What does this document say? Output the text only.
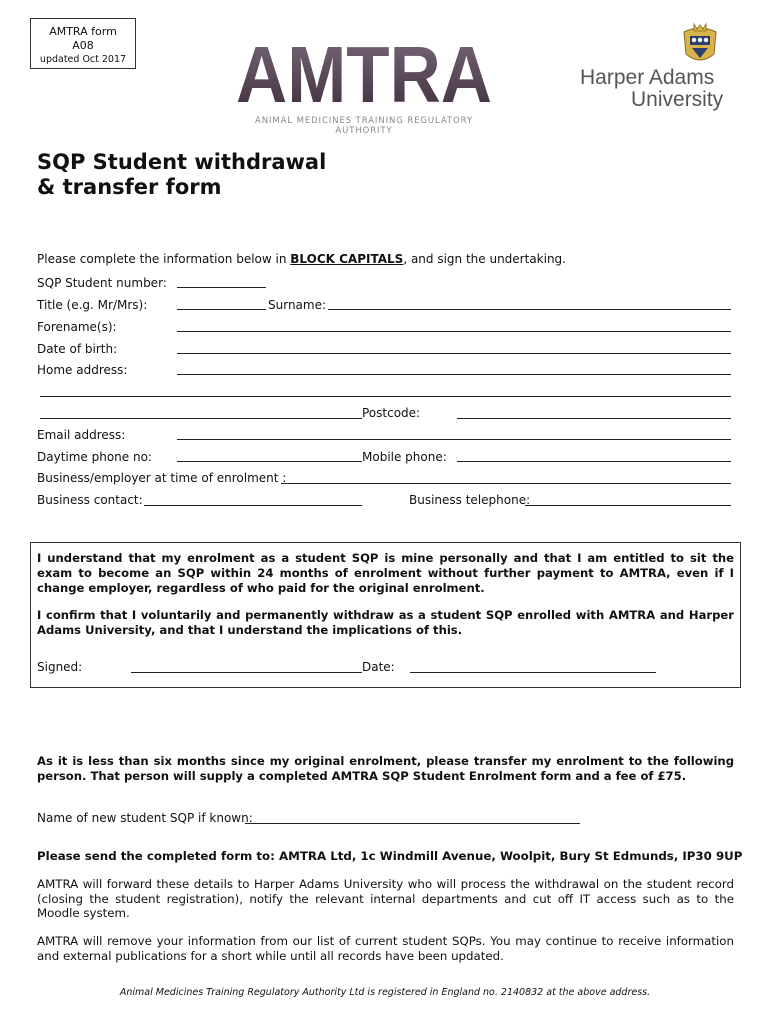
AMTRA form
A08
updated Oct 2017 AMTRA
ANIMAL MEDICINES TRAINING REGULATORY AUTHORITY
Harper Adams
University
SQP Student withdrawal
& transfer form
Please complete the information below in BLOCK CAPITALS, and sign the undertaking.
SQP Student number:
Title (e.g. Mr/Mrs):	Surname:
Forename(s):
Date of birth:
Home address:
Postcode:
Email address:
Daytime phone no:	Mobile phone:
Business/employer at time of enrolment :
Business contact:	Business telephone:
I understand that my enrolment as a student SQP is mine personally and that I am entitled to sit the exam to become an SQP within 24 months of enrolment without further payment to AMTRA, even if I change employer, regardless of who paid for the original enrolment.
I confirm that I voluntarily and permanently withdraw as a student SQP enrolled with AMTRA and Harper Adams University, and that I understand the implications of this.
Signed:	Date:
As it is less than six months since my original enrolment, please transfer my enrolment to the following person. That person will supply a completed AMTRA SQP Student Enrolment form and a fee of £75.
Name of new student SQP if known:
Please send the completed form to: AMTRA Ltd, 1c Windmill Avenue, Woolpit, Bury St Edmunds, IP30 9UP
AMTRA will forward these details to Harper Adams University who will process the withdrawal on the student record (closing the student registration), notify the relevant internal departments and cut off IT access such as to the Moodle system.
AMTRA will remove your information from our list of current student SQPs. You may continue to receive information and external publications for a short while until all records have been updated.
Animal Medicines Training Regulatory Authority Ltd is registered in England no. 2140832 at the above address.
